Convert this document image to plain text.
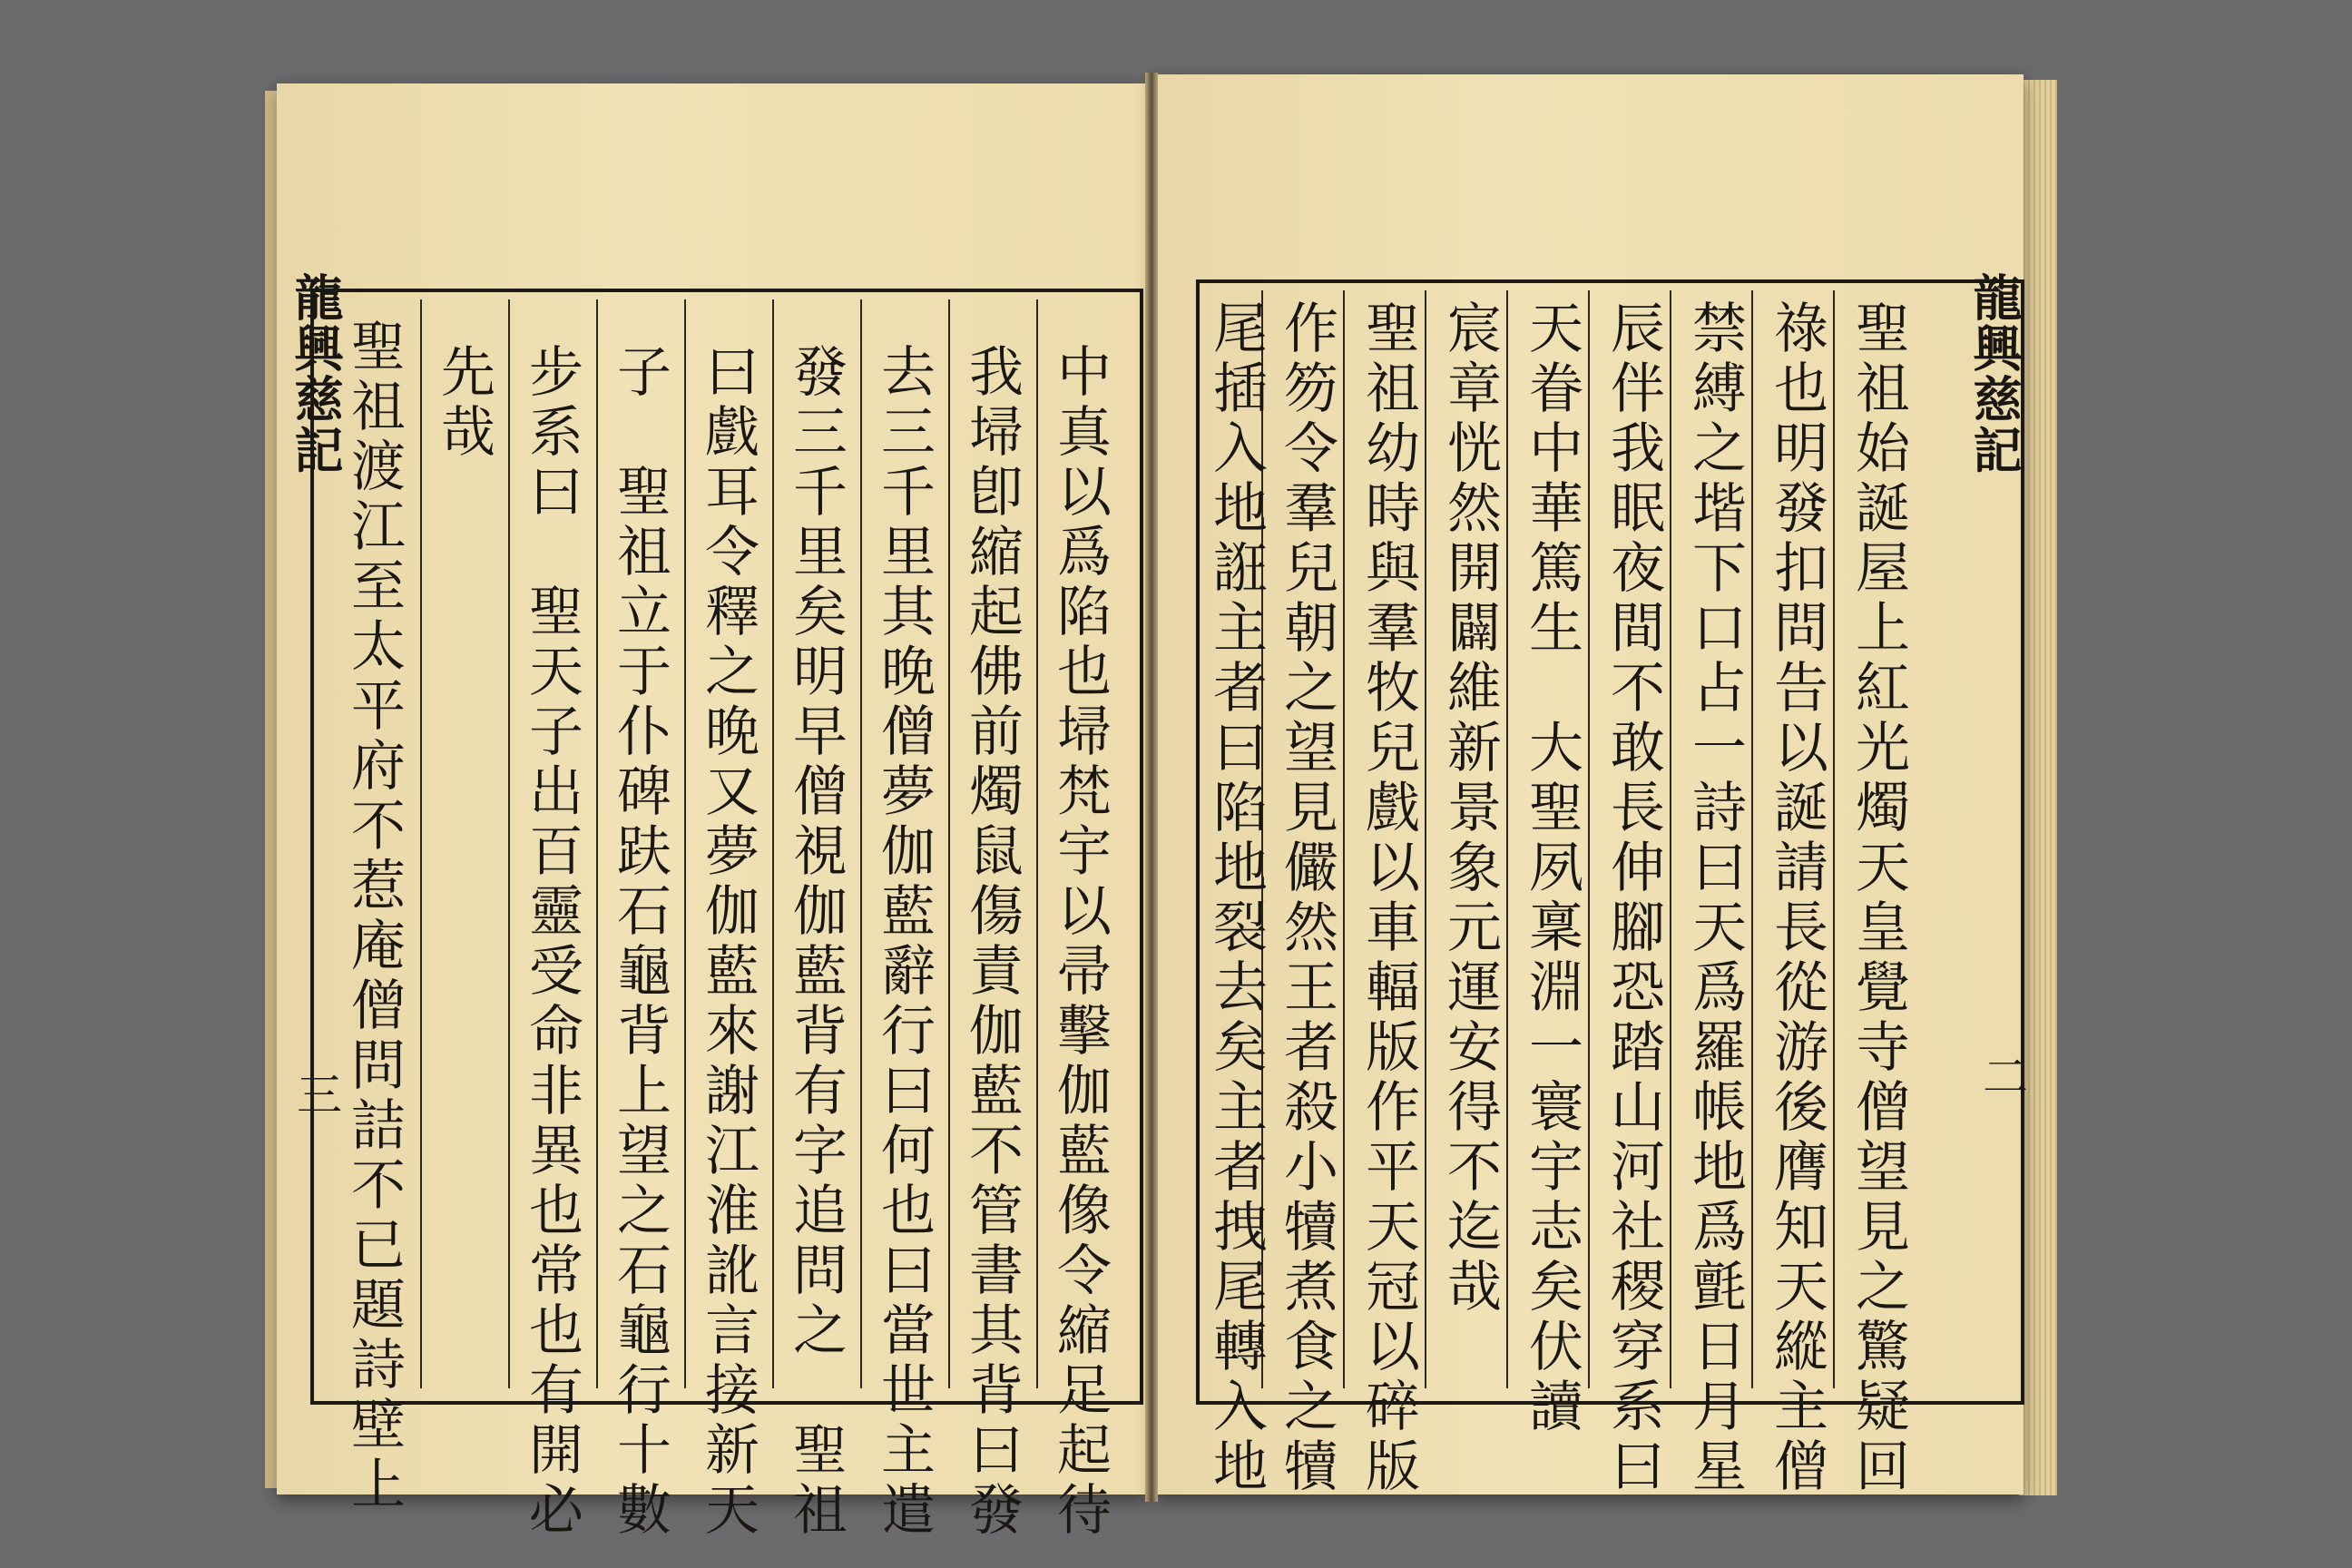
龍興慈記
三	中真以爲陷也埽梵宇以帚擊伽藍像令縮足起待
我埽卽縮起佛前燭鼠傷責伽藍不管書其背曰發
去三千里其晚僧夢伽藍辭行曰何也曰當世主遣
發三千里矣明早僧視伽藍背有字追問之　聖祖
曰戲耳令釋之晚又夢伽藍來謝江淮訛言接新天
子　聖祖立于仆碑趺石龜背上望之石龜行十數
步系曰　聖天子出百靈受命非異也常也有開必
先哉
聖祖渡江至太平府不惹庵僧問詰不已題詩壁上	龍興慈記
二
聖祖始誕屋上紅光燭天皇覺寺僧望見之驚疑回
祿也明發扣問告以誕請長從游後膺知天縱主僧
禁縛之堦下口占一詩曰天爲羅帳地爲氈日月星
辰伴我眠夜間不敢長伸腳恐踏山河社稷穿系曰
天眷中華篤生　大聖夙稟淵一寰宇志矣伏讀
宸章恍然開闢維新景象元運安得不迄哉
聖祖幼時與羣牧兒戲以車輻版作平天冠以碎版
作笏令羣兒朝之望見儼然王者殺小犢煮食之犢
尾插入地誑主者曰陷地裂去矣主者拽尾轉入地
